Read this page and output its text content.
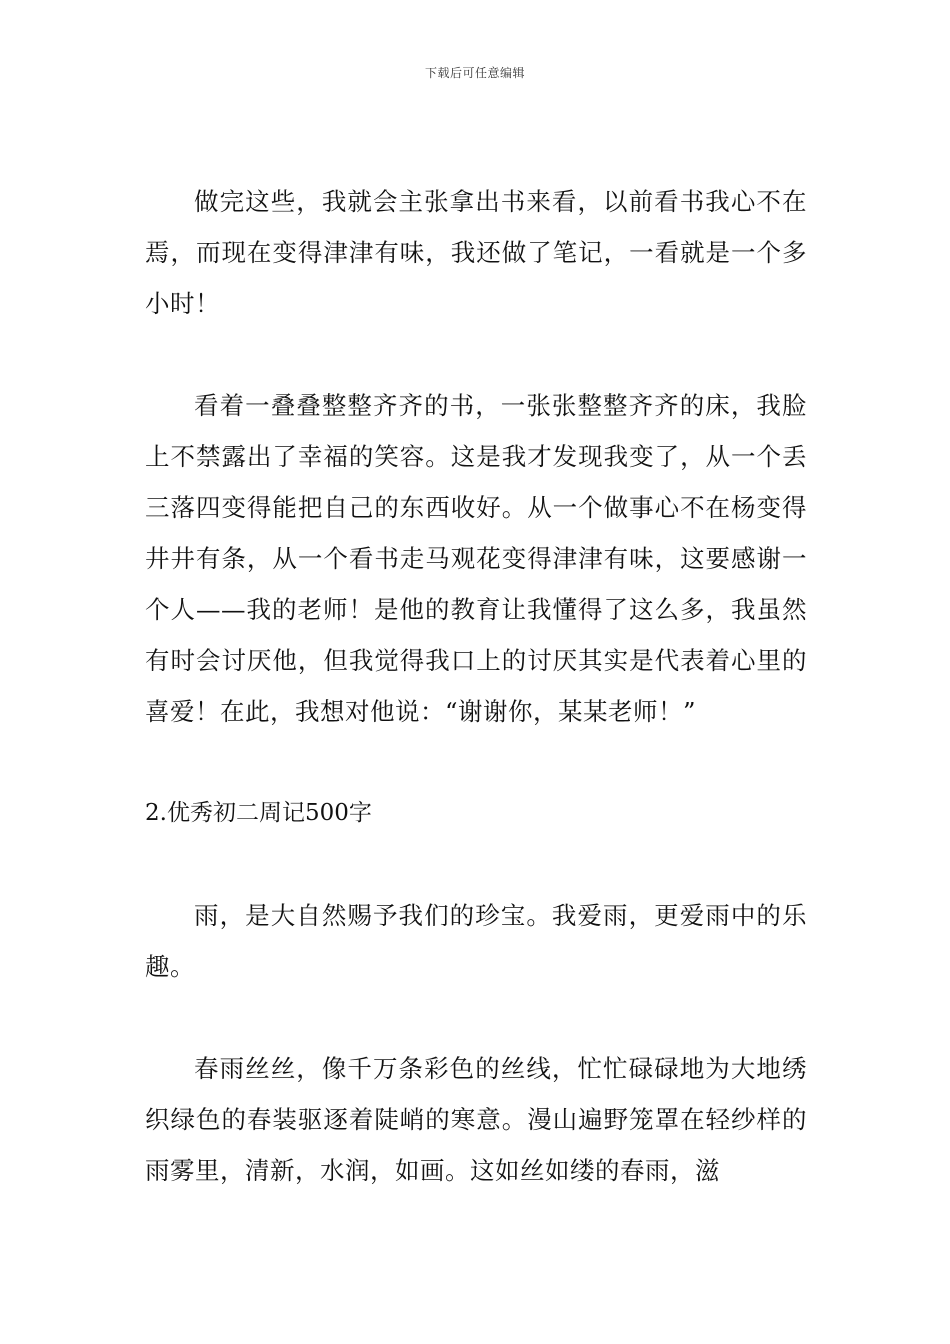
下载后可任意编辑

做完这些，我就会主张拿出书来看，以前看书我心不在焉，而现在变得津津有味，我还做了笔记，一看就是一个多小时！

看着一叠叠整整齐齐的书，一张张整整齐齐的床，我脸上不禁露出了幸福的笑容。这是我才发现我变了，从一个丢三落四变得能把自己的东西收好。从一个做事心不在杨变得井井有条，从一个看书走马观花变得津津有味，这要感谢一个人——我的老师！是他的教育让我懂得了这么多，我虽然有时会讨厌他，但我觉得我口上的讨厌其实是代表着心里的喜爱！在此，我想对他说：“谢谢你，某某老师！”

2.优秀初二周记500字

雨，是大自然赐予我们的珍宝。我爱雨，更爱雨中的乐趣。

春雨丝丝，像千万条彩色的丝线，忙忙碌碌地为大地绣织绿色的春装驱逐着陡峭的寒意。漫山遍野笼罩在轻纱样的雨雾里，清新，水润，如画。这如丝如缕的春雨，滋
